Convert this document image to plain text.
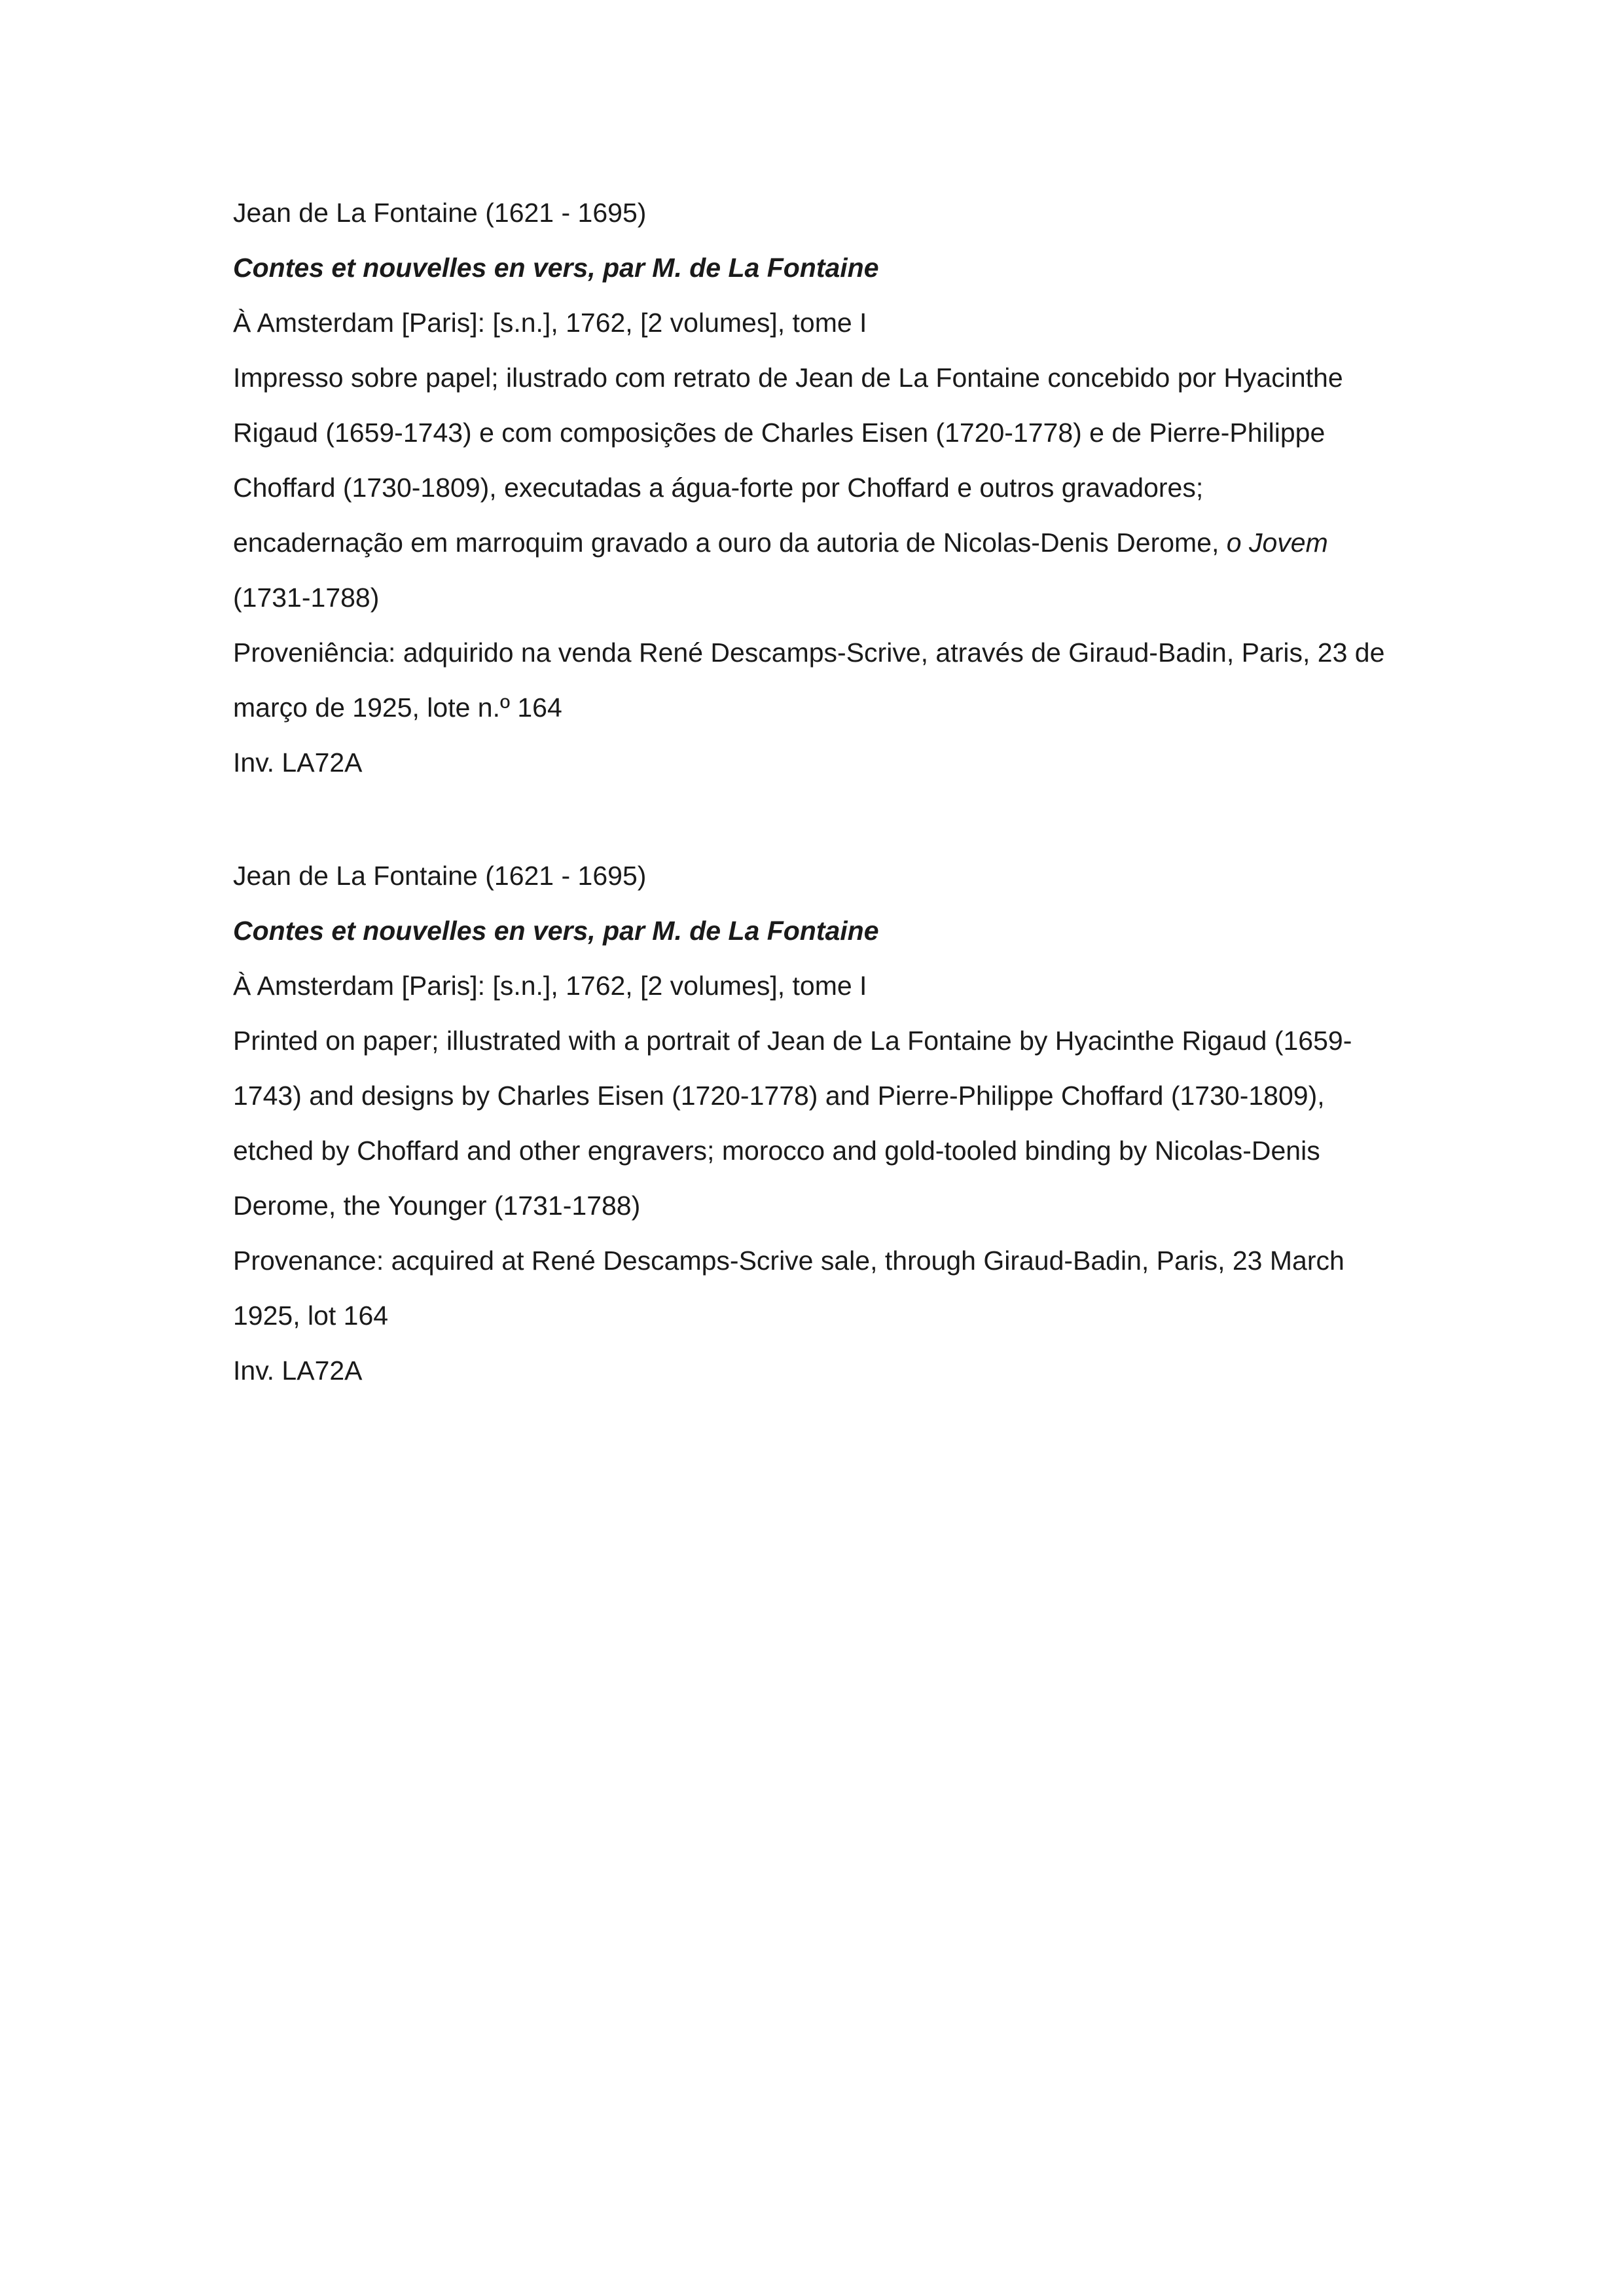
Jean de La Fontaine (1621 - 1695)
Contes et nouvelles en vers, par M. de La Fontaine
À Amsterdam [Paris]: [s.n.], 1762, [2 volumes], tome I
Impresso sobre papel; ilustrado com retrato de Jean de La Fontaine concebido por Hyacinthe
Rigaud (1659-1743) e com composições de Charles Eisen (1720-1778) e de Pierre-Philippe
Choffard (1730-1809), executadas a água-forte por Choffard e outros gravadores;
encadernação em marroquim gravado a ouro da autoria de Nicolas-Denis Derome, o Jovem
(1731-1788)
Proveniência: adquirido na venda René Descamps-Scrive, através de Giraud-Badin, Paris, 23 de
março de 1925, lote n.º 164
Inv. LA72A
Jean de La Fontaine (1621 - 1695)
Contes et nouvelles en vers, par M. de La Fontaine
À Amsterdam [Paris]: [s.n.], 1762, [2 volumes], tome I
Printed on paper; illustrated with a portrait of Jean de La Fontaine by Hyacinthe Rigaud (1659-
1743) and designs by Charles Eisen (1720-1778) and Pierre-Philippe Choffard (1730-1809),
etched by Choffard and other engravers; morocco and gold-tooled binding by Nicolas-Denis
Derome, the Younger (1731-1788)
Provenance: acquired at René Descamps-Scrive sale, through Giraud-Badin, Paris, 23 March
1925, lot 164
Inv. LA72A
